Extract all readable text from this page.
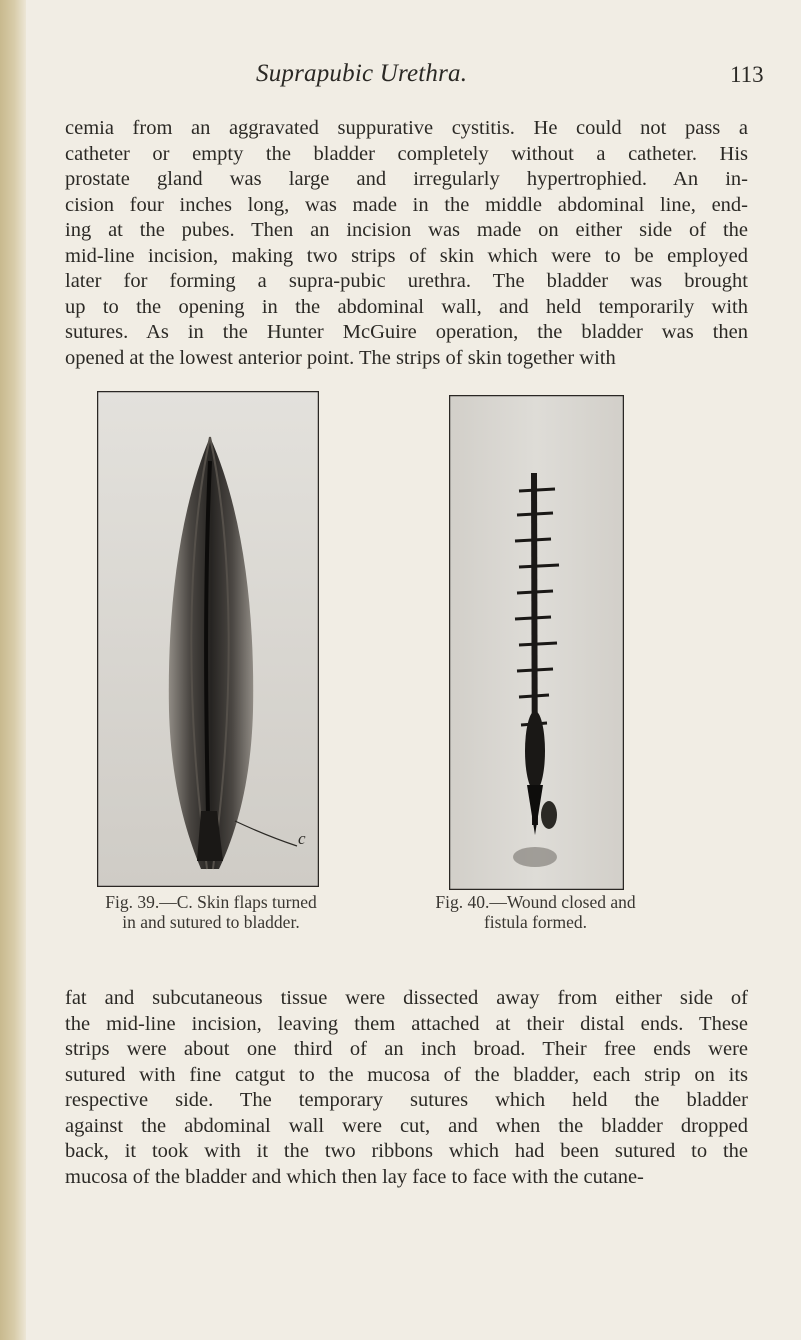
Suprapubic Urethra.	113

cemia from an aggravated suppurative cystitis. He could not pass a
catheter or empty the bladder completely without a catheter. His
prostate gland was large and irregularly hypertrophied. An in-
cision four inches long, was made in the middle abdominal line, end-
ing at the pubes. Then an incision was made on either side of the
mid-line incision, making two strips of skin which were to be employed
later for forming a supra-pubic urethra. The bladder was brought
up to the opening in the abdominal wall, and held temporarily with
sutures. As in the Hunter McGuire operation, the bladder was then
opened at the lowest anterior point. The strips of skin together with

c
Fig. 39.—C. Skin flaps turned
in and sutured to bladder.
Fig. 40.—Wound closed and
fistula formed.

fat and subcutaneous tissue were dissected away from either side of
the mid-line incision, leaving them attached at their distal ends. These
strips were about one third of an inch broad. Their free ends were
sutured with fine catgut to the mucosa of the bladder, each strip on its
respective side. The temporary sutures which held the bladder
against the abdominal wall were cut, and when the bladder dropped
back, it took with it the two ribbons which had been sutured to the
mucosa of the bladder and which then lay face to face with the cutane-
